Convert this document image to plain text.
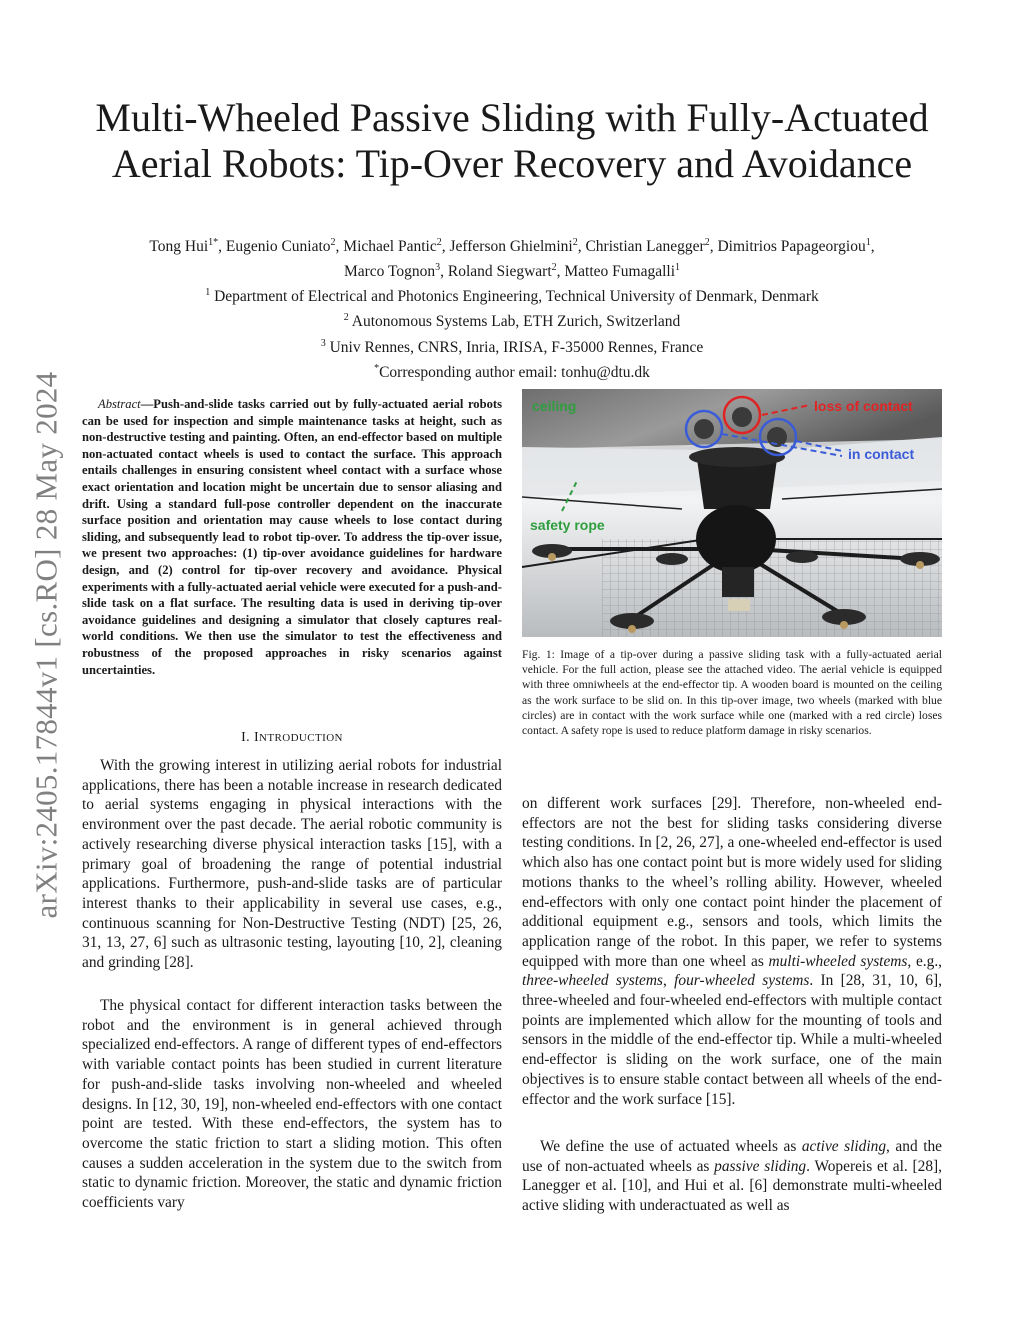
arXiv:2405.17844v1 [cs.RO] 28 May 2024
Multi-Wheeled Passive Sliding with Fully-Actuated
Aerial Robots: Tip-Over Recovery and Avoidance
Tong Hui$^{1*}$, Eugenio Cuniato$^2$, Michael Pantic$^2$, Jefferson Ghielmini$^2$, Christian Lanegger$^2$, Dimitrios Papageorgiou$^1$,
Marco Tognon$^3$, Roland Siegwart$^2$, Matteo Fumagalli$^1$
$^1$ Department of Electrical and Photonics Engineering, Technical University of Denmark, Denmark
$^2$ Autonomous Systems Lab, ETH Zurich, Switzerland
$^3$ Univ Rennes, CNRS, Inria, IRISA, F-35000 Rennes, France
*Corresponding author email: tonhu@dtu.dk

Abstract—Push-and-slide tasks carried out by fully-actuated aerial robots can be used for inspection and simple maintenance tasks at height, such as non-destructive testing and painting. Often, an end-effector based on multiple non-actuated contact wheels is used to contact the surface. This approach entails challenges in ensuring consistent wheel contact with a surface whose exact orientation and location might be uncertain due to sensor aliasing and drift. Using a standard full-pose controller dependent on the inaccurate surface position and orientation may cause wheels to lose contact during sliding, and subsequently lead to robot tip-over. To address the tip-over issue, we present two approaches: (1) tip-over avoidance guidelines for hardware design, and (2) control for tip-over recovery and avoidance. Physical experiments with a fully-actuated aerial vehicle were executed for a push-and-slide task on a flat surface. The resulting data is used in deriving tip-over avoidance guidelines and designing a simulator that closely captures real-world conditions. We then use the simulator to test the effectiveness and robustness of the proposed approaches in risky scenarios against uncertainties.

I. INTRODUCTION

With the growing interest in utilizing aerial robots for industrial applications, there has been a notable increase in research dedicated to aerial systems engaging in physical interactions with the environment over the past decade. The aerial robotic community is actively researching diverse physical interaction tasks [15], with a primary goal of broadening the range of potential industrial applications. Furthermore, push-and-slide tasks are of particular interest thanks to their applicability in several use cases, e.g., continuous scanning for Non-Destructive Testing (NDT) [25, 26, 31, 13, 27, 6] such as ultrasonic testing, layouting [10, 2], cleaning and grinding [28].

The physical contact for different interaction tasks between the robot and the environment is in general achieved through specialized end-effectors. A range of different types of end-effectors with variable contact points has been studied in current literature for push-and-slide tasks involving non-wheeled and wheeled designs. In [12, 30, 19], non-wheeled end-effectors with one contact point are tested. With these end-effectors, the system has to overcome the static friction to start a sliding motion. This often causes a sudden acceleration in the system due to the switch from static to dynamic friction. Moreover, the static and dynamic friction coefficients vary

ceiling	loss of contact
in contact
safety rope

Fig. 1: Image of a tip-over during a passive sliding task with a fully-actuated aerial vehicle. For the full action, please see the attached video. The aerial vehicle is equipped with three omniwheels at the end-effector tip. A wooden board is mounted on the ceiling as the work surface to be slid on. In this tip-over image, two wheels (marked with blue circles) are in contact with the work surface while one (marked with a red circle) loses contact. A safety rope is used to reduce platform damage in risky scenarios.

on different work surfaces [29]. Therefore, non-wheeled end-effectors are not the best for sliding tasks considering diverse testing conditions. In [2, 26, 27], a one-wheeled end-effector is used which also has one contact point but is more widely used for sliding motions thanks to the wheel’s rolling ability. However, wheeled end-effectors with only one contact point hinder the placement of additional equipment e.g., sensors and tools, which limits the application range of the robot. In this paper, we refer to systems equipped with more than one wheel as multi-wheeled systems, e.g., three-wheeled systems, four-wheeled systems. In [28, 31, 10, 6], three-wheeled and four-wheeled end-effectors with multiple contact points are implemented which allow for the mounting of tools and sensors in the middle of the end-effector tip. While a multi-wheeled end-effector is sliding on the work surface, one of the main objectives is to ensure stable contact between all wheels of the end-effector and the work surface [15].

We define the use of actuated wheels as active sliding, and the use of non-actuated wheels as passive sliding. Wopereis et al. [28], Lanegger et al. [10], and Hui et al. [6] demonstrate multi-wheeled active sliding with underactuated as well as
